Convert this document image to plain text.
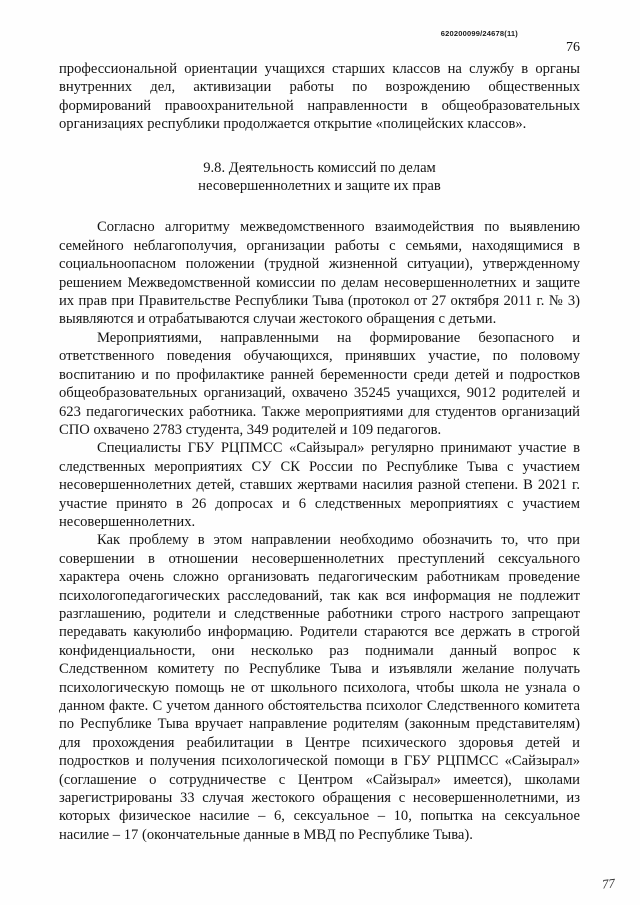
620200099/24678(11)
76

профессиональной ориентации учащихся старших классов на службу в органы внутренних дел, активизации работы по возрождению общественных формирований правоохранительной направленности в общеобразовательных организациях республики продолжается открытие «полицейских классов».

9.8. Деятельность комиссий по делам
несовершеннолетних и защите их прав

Согласно алгоритму межведомственного взаимодействия по выявлению семейного неблагополучия, организации работы с семьями, находящимися в социальноопасном положении (трудной жизненной ситуации), утвержденному решением Межведомственной комиссии по делам несовершеннолетних и защите их прав при Правительстве Республики Тыва (протокол от 27 октября 2011 г. № 3) выявляются и отрабатываются случаи жестокого обращения с детьми.

Мероприятиями, направленными на формирование безопасного и ответственного поведения обучающихся, принявших участие, по половому воспитанию и по профилактике ранней беременности среди детей и подростков общеобразовательных организаций, охвачено 35245 учащихся, 9012 родителей и 623 педагогических работника. Также мероприятиями для студентов организаций СПО охвачено 2783 студента, 349 родителей и 109 педагогов.

Специалисты ГБУ РЦПМСС «Сайзырал» регулярно принимают участие в следственных мероприятиях СУ СК России по Республике Тыва с участием несовершеннолетних детей, ставших жертвами насилия разной степени. В 2021 г. участие принято в 26 допросах и 6 следственных мероприятиях с участием несовершеннолетних.

Как проблему в этом направлении необходимо обозначить то, что при совершении в отношении несовершеннолетних преступлений сексуального характера очень сложно организовать педагогическим работникам проведение психологопедагогических расследований, так как вся информация не подлежит разглашению, родители и следственные работники строго настрого запрещают передавать какуюлибо информацию. Родители стараются все держать в строгой конфиденциальности, они несколько раз поднимали данный вопрос к Следственном комитету по Республике Тыва и изъявляли желание получать психологическую помощь не от школьного психолога, чтобы школа не узнала о данном факте. С учетом данного обстоятельства психолог Следственного комитета по Республике Тыва вручает направление родителям (законным представителям) для прохождения реабилитации в Центре психического здоровья детей и подростков и получения психологической помощи в ГБУ РЦПМСС «Сайзырал» (соглашение о сотрудничестве с Центром «Сайзырал» имеется), школами зарегистрированы 33 случая жестокого обращения с несовершеннолетними, из которых физическое насилие – 6, сексуальное – 10, попытка на сексуальное насилие – 17 (окончательные данные в МВД по Республике Тыва).

77
